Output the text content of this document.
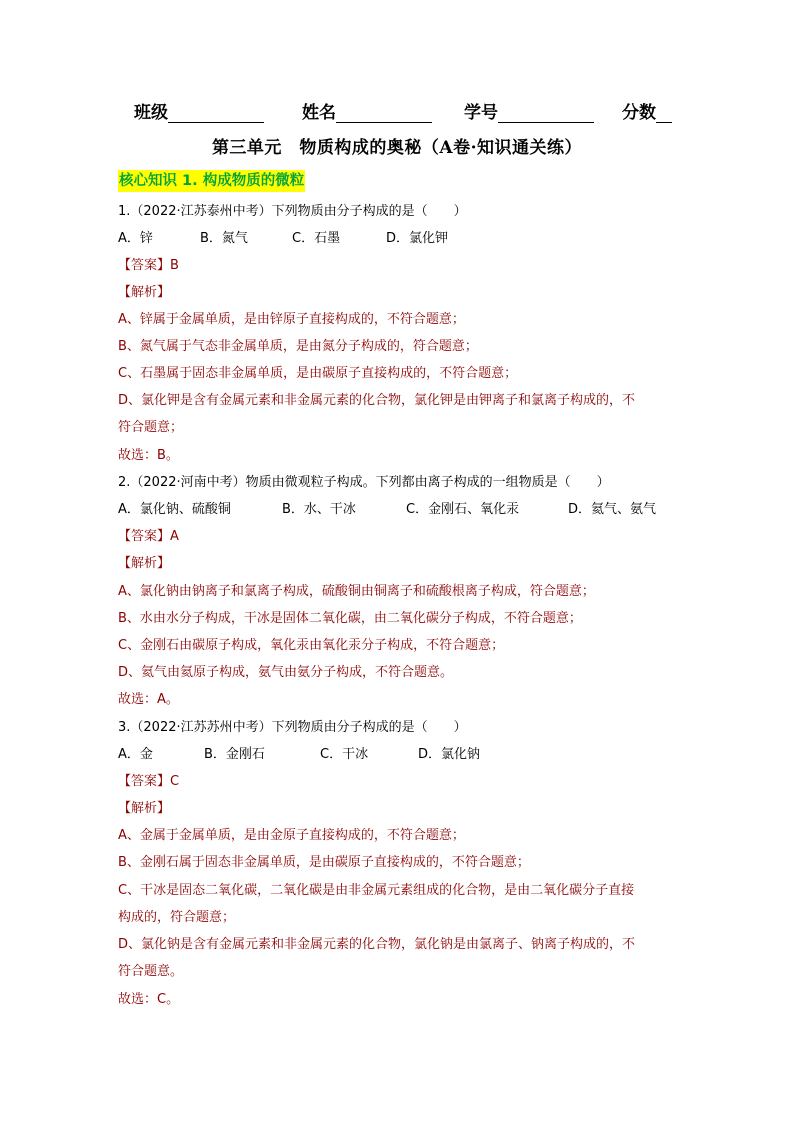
班级	姓名	学号	分数
第三单元　物质构成的奥秘（A卷·知识通关练）
核心知识 1. 构成物质的微粒
1.（2022·江苏泰州中考）下列物质由分子构成的是（　　）
A．锌	B．氮气	C．石墨	D．氯化钾
【答案】B
【解析】
A、锌属于金属单质，是由锌原子直接构成的，不符合题意；
B、氮气属于气态非金属单质，是由氮分子构成的，符合题意；
C、石墨属于固态非金属单质，是由碳原子直接构成的，不符合题意；
D、氯化钾是含有金属元素和非金属元素的化合物，氯化钾是由钾离子和氯离子构成的，不
符合题意；
故选：B。
2.（2022·河南中考）物质由微观粒子构成。下列都由离子构成的一组物质是（　　）
A．氯化钠、硫酸铜	B．水、干冰	C．金刚石、氧化汞	D．氦气、氨气
【答案】A
【解析】
A、氯化钠由钠离子和氯离子构成，硫酸铜由铜离子和硫酸根离子构成，符合题意；
B、水由水分子构成，干冰是固体二氧化碳，由二氧化碳分子构成，不符合题意；
C、金刚石由碳原子构成，氧化汞由氧化汞分子构成，不符合题意；
D、氦气由氦原子构成，氨气由氨分子构成，不符合题意。
故选：A。
3.（2022·江苏苏州中考）下列物质由分子构成的是（　　）
A．金	B．金刚石	C．干冰	D．氯化钠
【答案】C
【解析】
A、金属于金属单质，是由金原子直接构成的，不符合题意；
B、金刚石属于固态非金属单质，是由碳原子直接构成的，不符合题意；
C、干冰是固态二氧化碳，二氧化碳是由非金属元素组成的化合物，是由二氧化碳分子直接
构成的，符合题意；
D、氯化钠是含有金属元素和非金属元素的化合物，氯化钠是由氯离子、钠离子构成的，不
符合题意。
故选：C。
